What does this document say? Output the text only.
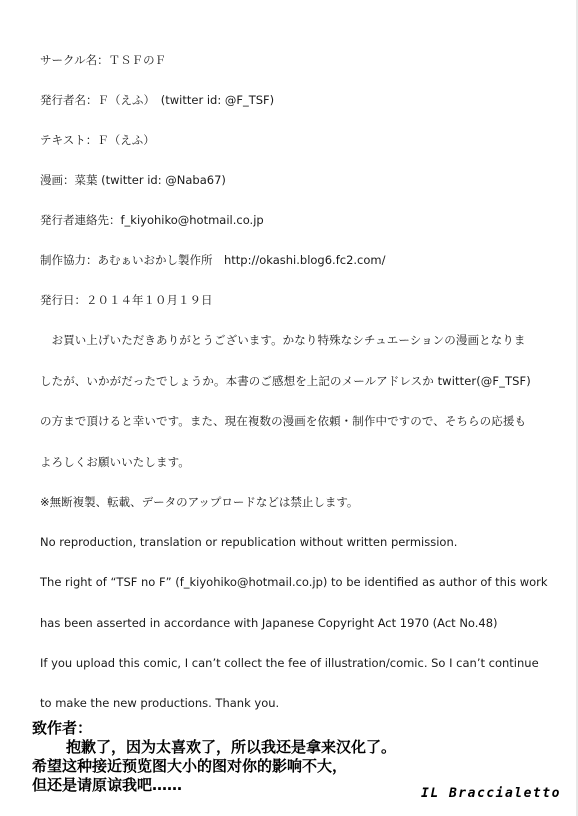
サークル名：ＴＳＦのＦ
発行者名：Ｆ（えふ）　(twitter id: @F_TSF)
テキスト：Ｆ（えふ）
漫画：菜葉 (twitter id: @Naba67)
発行者連絡先：f_kiyohiko@hotmail.co.jp
制作協力：あむぁいおかし製作所　http://okashi.blog6.fc2.com/
発行日：２０１４年１０月１９日
　お買い上げいただきありがとうございます。かなり特殊なシチュエーションの漫画となりま
したが、いかがだったでしょうか。本書のご感想を上記のメールアドレスか twitter(@F_TSF)
の方まで頂けると幸いです。また、現在複数の漫画を依頼・制作中ですので、そちらの応援も
よろしくお願いいたします。
※無断複製、転載、データのアップロードなどは禁止します。
No reproduction, translation or republication without written permission.
The right of “TSF no F” (f_kiyohiko@hotmail.co.jp) to be identified as author of this work
has been asserted in accordance with Japanese Copyright Act 1970 (Act No.48)
If you upload this comic, I can’t collect the fee of illustration/comic. So I can’t continue
to make the new productions. Thank you.
致作者：
抱歉了，因为太喜欢了，所以我还是拿来汉化了。
希望这种接近预览图大小的图对你的影响不大，
但还是请原谅我吧……	IL Braccialetto
